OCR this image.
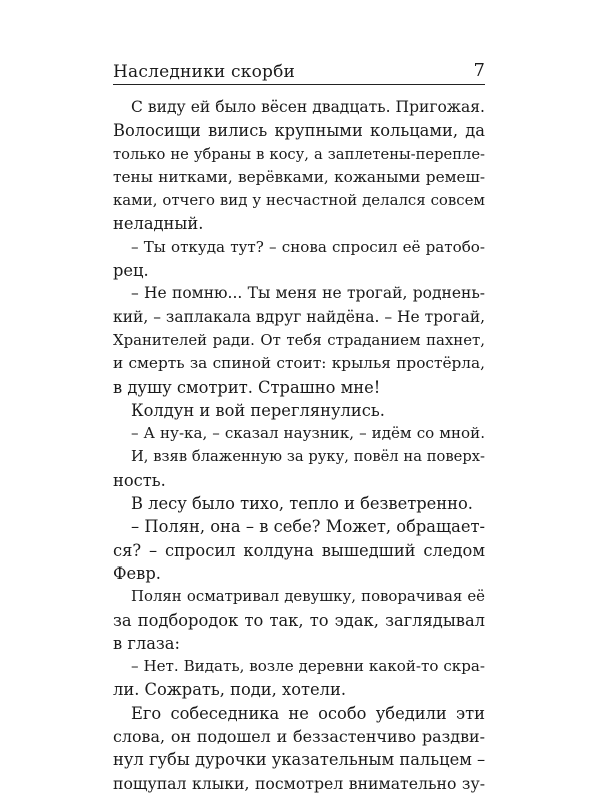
Наследники скорби	7
С виду ей было вёсен двадцать. Пригожая.
Волосищи вились крупными кольцами, да
только не убраны в косу, а заплетены-перепле-
тены нитками, верёвками, кожаными ремеш-
ками, отчего вид у несчастной делался совсем
неладный.
– Ты откуда тут? – снова спросил её ратобо-
рец.
– Не помню... Ты меня не трогай, роднень-
кий, – заплакала вдруг найдёна. – Не трогай,
Хранителей ради. От тебя страданием пахнет,
и смерть за спиной стоит: крылья простёрла,
в душу смотрит. Страшно мне!
Колдун и вой переглянулись.
– А ну-ка, – сказал наузник, – идём со мной.
И, взяв блаженную за руку, повёл на поверх-
ность.
В лесу было тихо, тепло и безветренно.
– Полян, она – в себе? Может, обращает-
ся? – спросил колдуна вышедший следом
Февр.
Полян осматривал девушку, поворачивая её
за подбородок то так, то эдак, заглядывал
в глаза:
– Нет. Видать, возле деревни какой-то скра-
ли. Сожрать, поди, хотели.
Его собеседника не особо убедили эти
слова, он подошел и беззастенчиво раздви-
нул губы дурочки указательным пальцем –
пощупал клыки, посмотрел внимательно зу-
